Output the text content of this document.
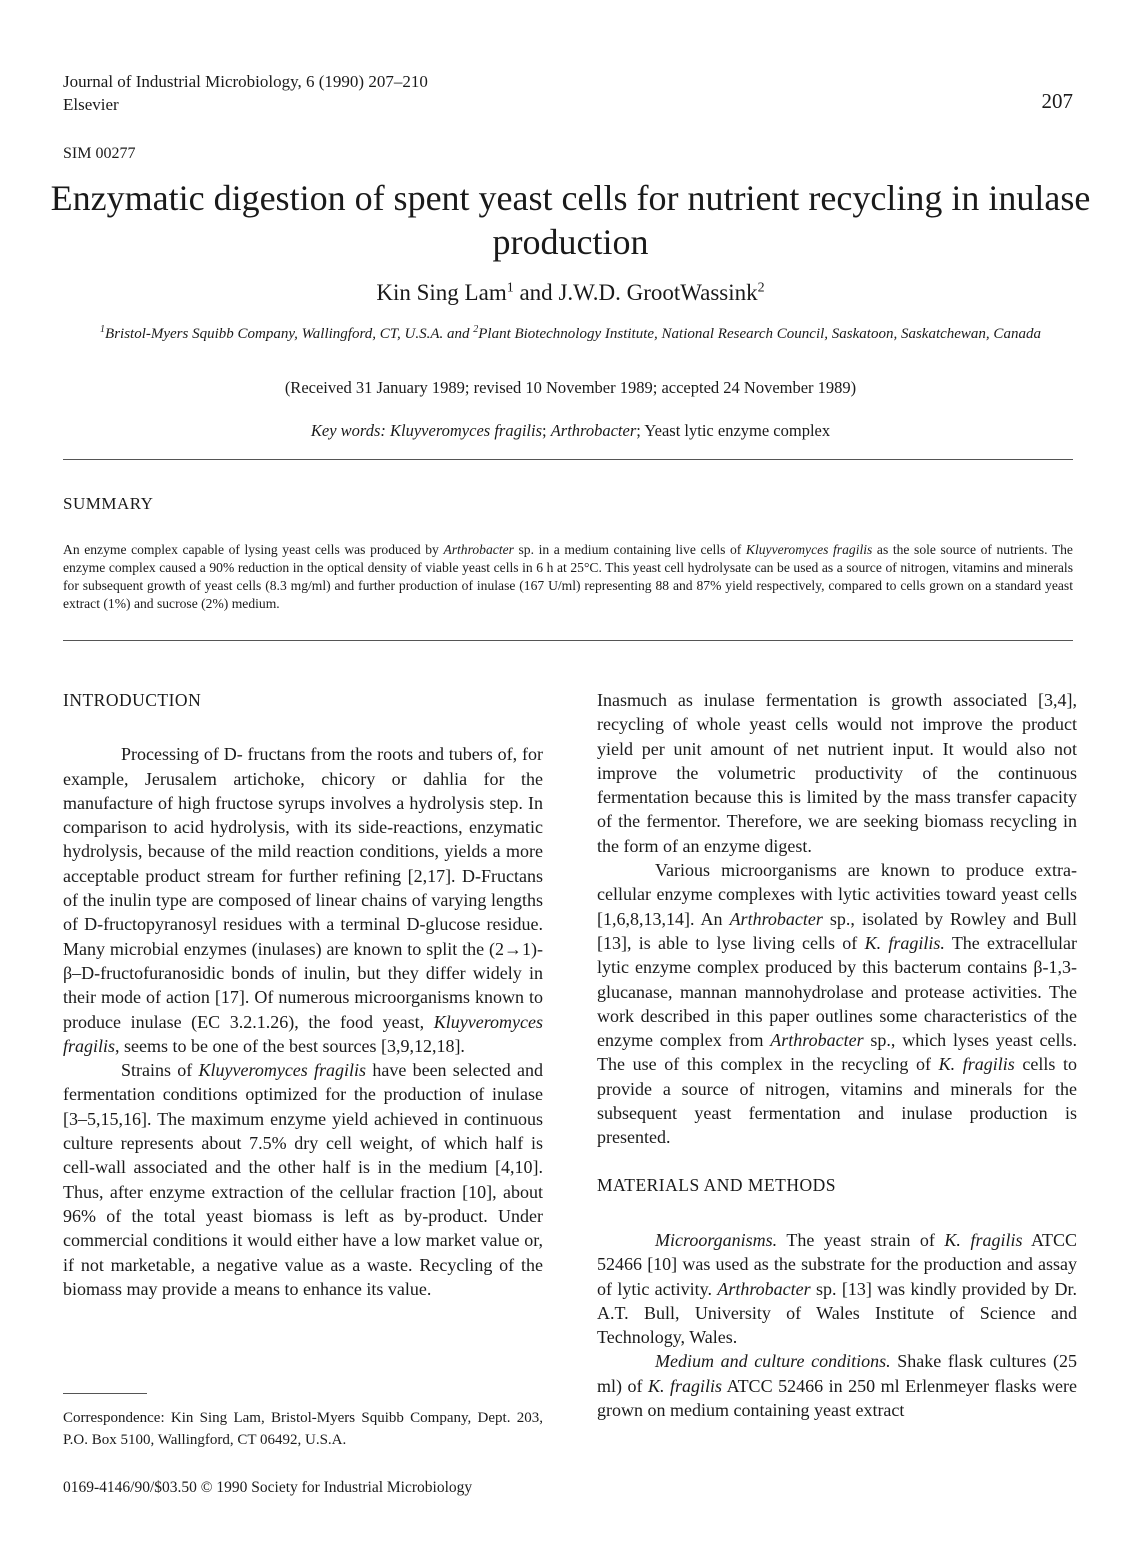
Journal of Industrial Microbiology, 6 (1990) 207–210
Elsevier	207
SIM 00277
Enzymatic digestion of spent yeast cells for nutrient recycling in inulase production
Kin Sing Lam$^1$ and J.W.D. GrootWassink$^2$
$^1$Bristol-Myers Squibb Company, Wallingford, CT, U.S.A. and $^2$Plant Biotechnology Institute, National Research Council, Saskatoon, Saskatchewan, Canada
(Received 31 January 1989; revised 10 November 1989; accepted 24 November 1989)
Key words: Kluyveromyces fragilis; Arthrobacter; Yeast lytic enzyme complex
SUMMARY
An enzyme complex capable of lysing yeast cells was produced by Arthrobacter sp. in a medium containing live cells of Kluyveromyces fragilis as the sole source of nutrients. The enzyme complex caused a 90% reduction in the optical density of viable yeast cells in 6 h at 25°C. This yeast cell hydrolysate can be used as a source of nitrogen, vitamins and minerals for subsequent growth of yeast cells (8.3 mg/ml) and further production of inulase (167 U/ml) representing 88 and 87% yield respectively, compared to cells grown on a standard yeast extract (1%) and sucrose (2%) medium.
INTRODUCTION

Processing of D- fructans from the roots and tubers of, for example, Jerusalem artichoke, chicory or dahlia for the manufacture of high fructose syrups involves a hydrolysis step. In comparison to acid hydrolysis, with its side-reactions, enzymatic hydrolysis, because of the mild reaction conditions, yields a more acceptable product stream for further refining [2,17]. D-Fructans of the inulin type are composed of linear chains of varying lengths of D-fructopyranosyl residues with a terminal D-glucose residue. Many microbial enzymes (inulases) are known to split the (2→1)-β–D-fructofuranosidic bonds of inulin, but they differ widely in their mode of action [17]. Of numerous microorganisms known to produce inulase (EC 3.2.1.26), the food yeast, Kluyveromyces fragilis, seems to be one of the best sources [3,9,12,18].

Strains of Kluyveromyces fragilis have been selected and fermentation conditions optimized for the production of inulase [3–5,15,16]. The maximum enzyme yield achieved in continuous culture represents about 7.5% dry cell weight, of which half is cell-wall associated and the other half is in the medium [4,10]. Thus, after enzyme extraction of the cellular fraction [10], about 96% of the total yeast biomass is left as by-product. Under commercial conditions it would either have a low market value or, if not marketable, a negative value as a waste. Recycling of the biomass may provide a means to enhance its value.

Correspondence: Kin Sing Lam, Bristol-Myers Squibb Company, Dept. 203, P.O. Box 5100, Wallingford, CT 06492, U.S.A.
0169-4146/90/$03.50 © 1990 Society for Industrial Microbiology

Inasmuch as inulase fermentation is growth associated [3,4], recycling of whole yeast cells would not improve the product yield per unit amount of net nutrient input. It would also not improve the volumetric productivity of the continuous fermentation because this is limited by the mass transfer capacity of the fermentor. Therefore, we are seeking biomass recycling in the form of an enzyme digest.

Various microorganisms are known to produce extracellular enzyme complexes with lytic activities toward yeast cells [1,6,8,13,14]. An Arthrobacter sp., isolated by Rowley and Bull [13], is able to lyse living cells of K. fragilis. The extracellular lytic enzyme complex produced by this bacterum contains β-1,3-glucanase, mannan mannohydrolase and protease activities. The work described in this paper outlines some characteristics of the enzyme complex from Arthrobacter sp., which lyses yeast cells. The use of this complex in the recycling of K. fragilis cells to provide a source of nitrogen, vitamins and minerals for the subsequent yeast fermentation and inulase production is presented.

MATERIALS AND METHODS

Microorganisms. The yeast strain of K. fragilis ATCC 52466 [10] was used as the substrate for the production and assay of lytic activity. Arthrobacter sp. [13] was kindly provided by Dr. A.T. Bull, University of Wales Institute of Science and Technology, Wales.

Medium and culture conditions. Shake flask cultures (25 ml) of K. fragilis ATCC 52466 in 250 ml Erlenmeyer flasks were grown on medium containing yeast extract
